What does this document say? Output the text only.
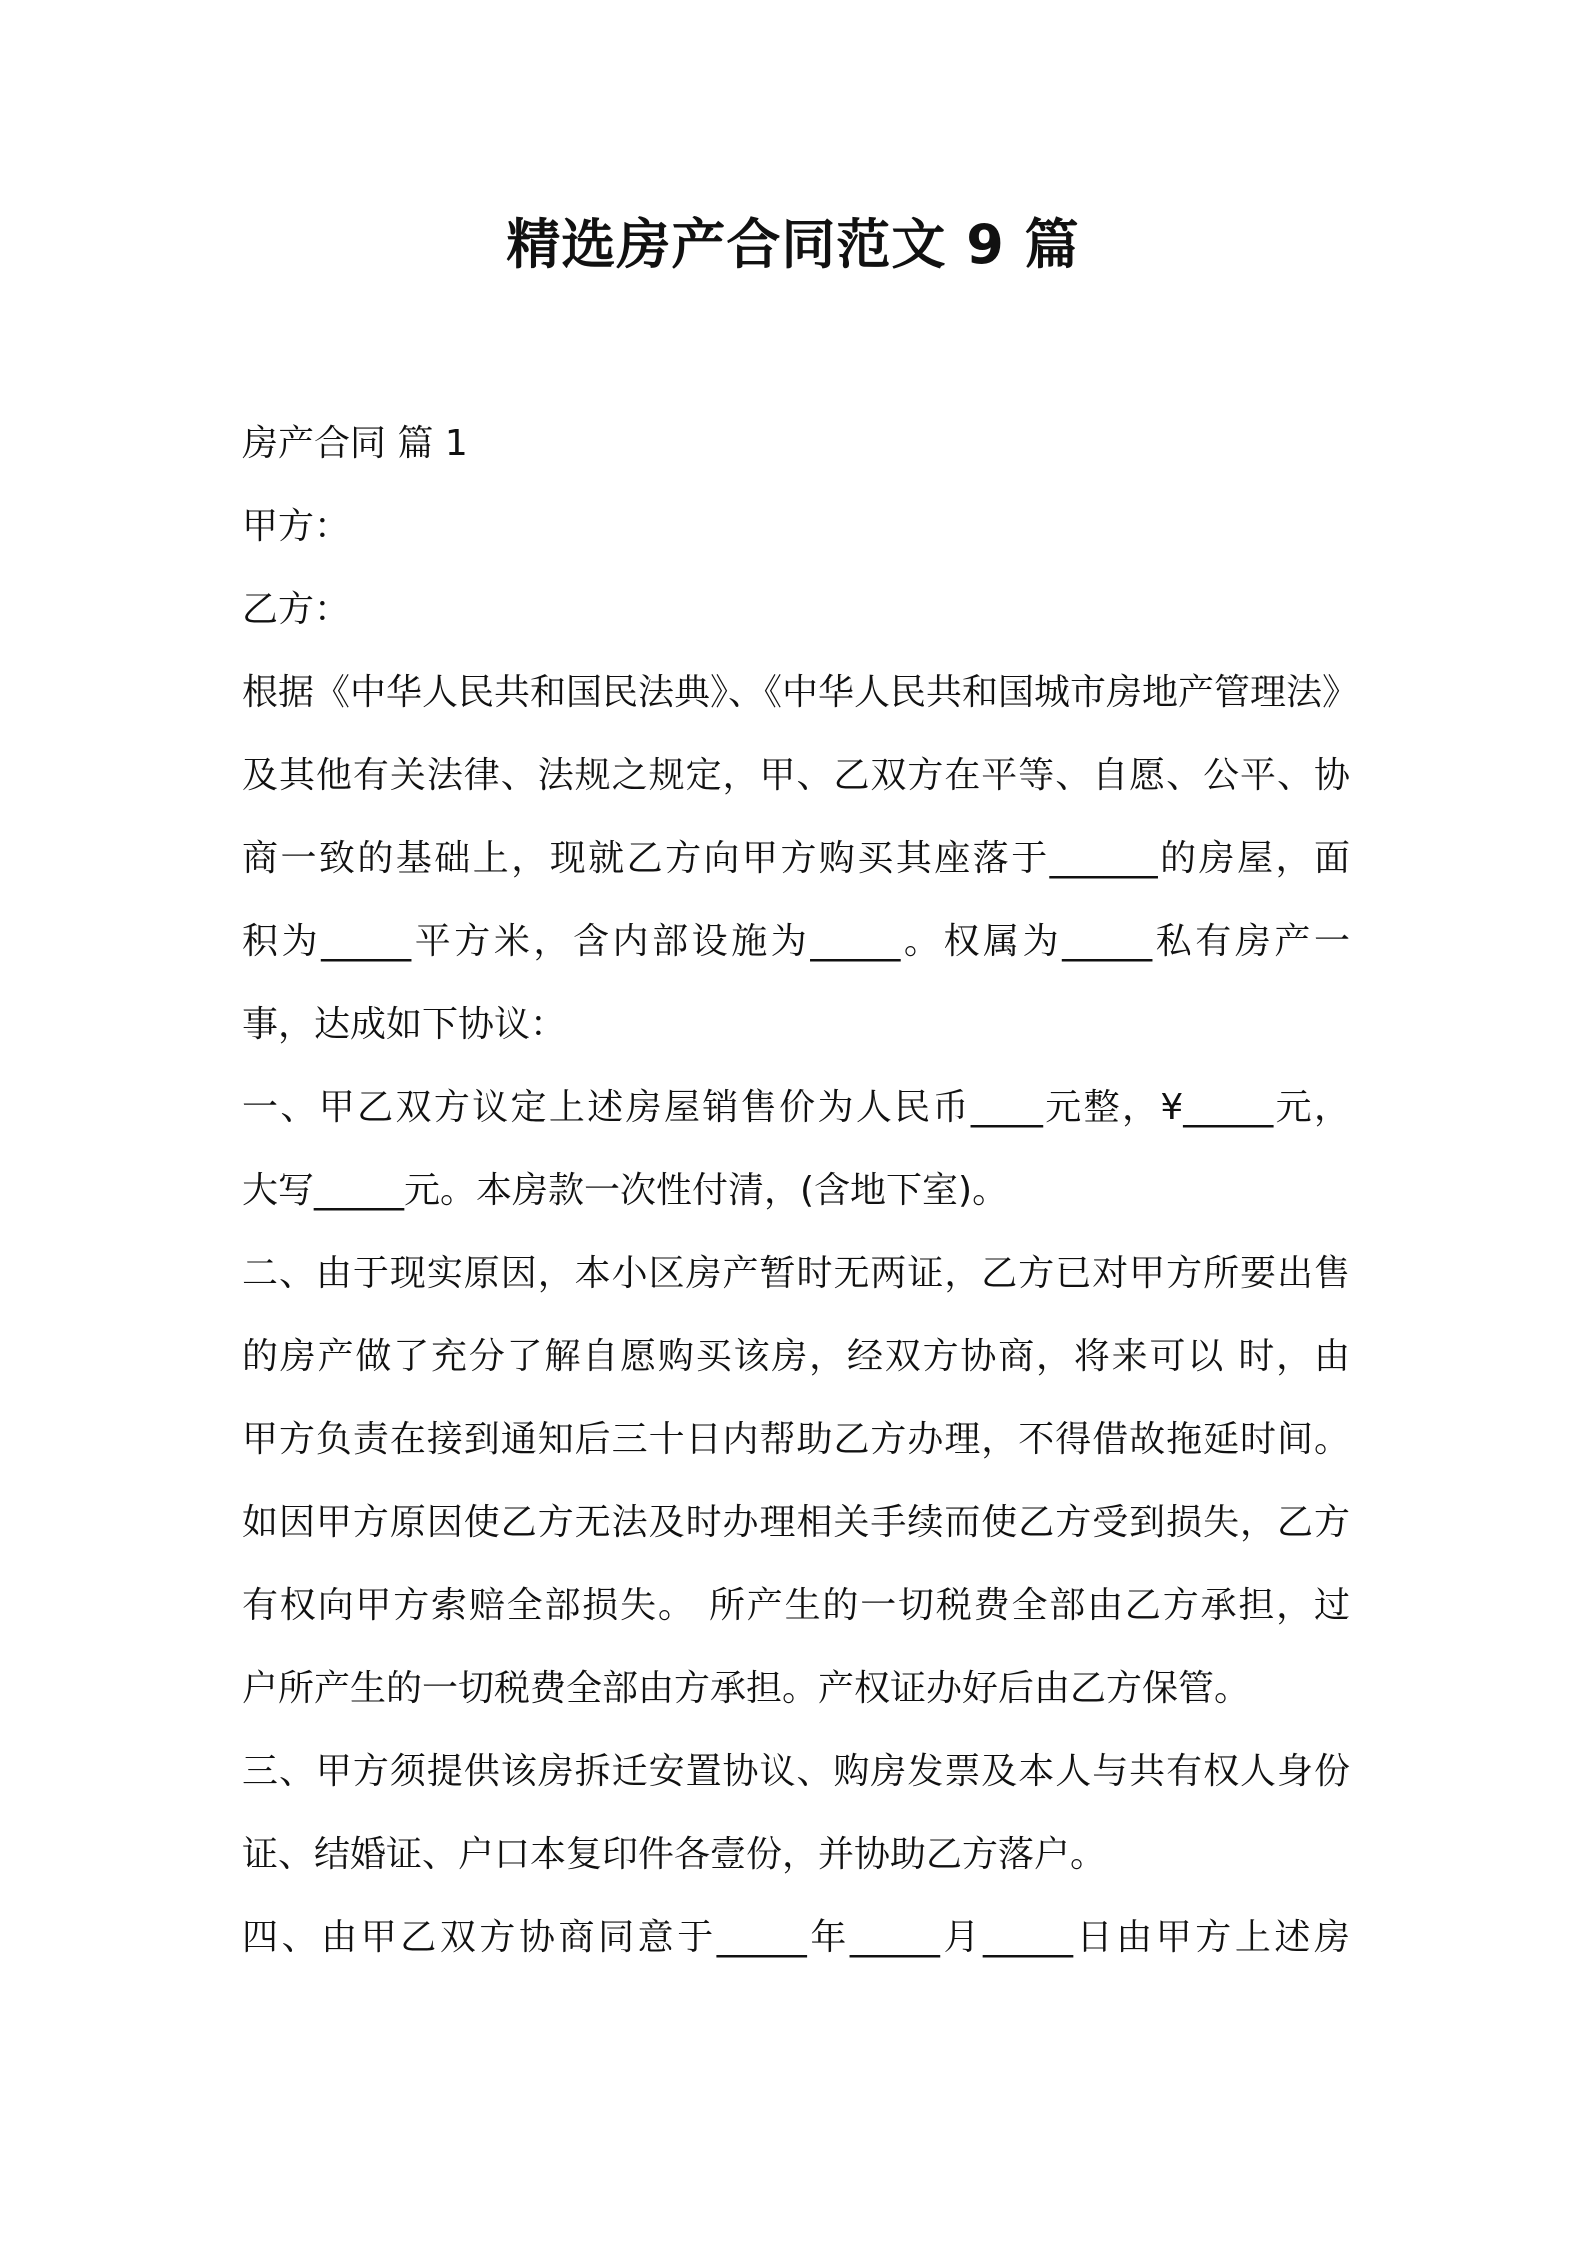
精选房产合同范文 9 篇
房产合同 篇 1
甲方：
乙方：
根据《中华人民共和国民法典》、《中华人民共和国城市房地产管理法》
及其他有关法律、法规之规定，甲、乙双方在平等、自愿、公平、协
商一致的基础上，现就乙方向甲方购买其座落于______的房屋，面
积为_____平方米，含内部设施为_____。权属为_____私有房产一
事，达成如下协议：
一、甲乙双方议定上述房屋销售价为人民币____元整，¥_____元，
大写_____元。本房款一次性付清，(含地下室)。
二、由于现实原因，本小区房产暂时无两证，乙方已对甲方所要出售
的房产做了充分了解自愿购买该房，经双方协商，将来可以 时，由
甲方负责在接到通知后三十日内帮助乙方办理，不得借故拖延时间。
如因甲方原因使乙方无法及时办理相关手续而使乙方受到损失，乙方
有权向甲方索赔全部损失。 所产生的一切税费全部由乙方承担，过
户所产生的一切税费全部由方承担。产权证办好后由乙方保管。
三、甲方须提供该房拆迁安置协议、购房发票及本人与共有权人身份
证、结婚证、户口本复印件各壹份，并协助乙方落户。
四、由甲乙双方协商同意于_____年_____月_____日由甲方上述房
